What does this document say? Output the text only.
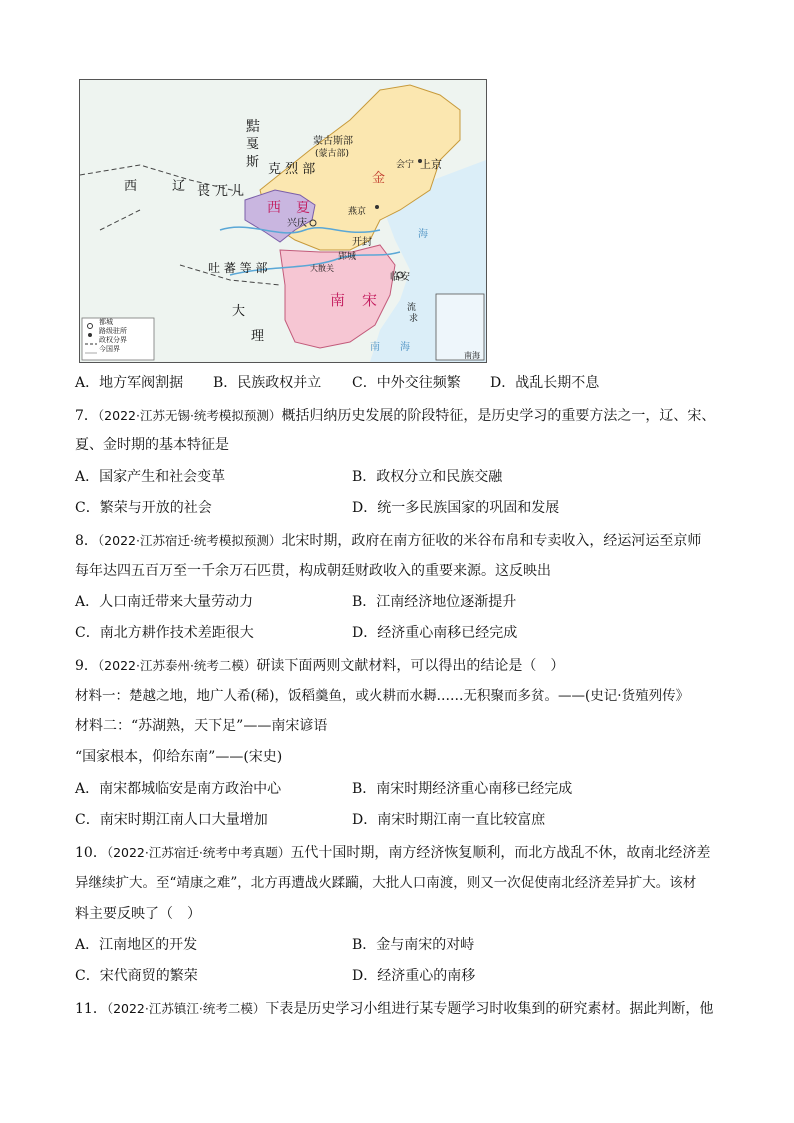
黠
戛
斯
蒙古斯部
(蒙古部)
克 烈 部
西	辽 畏 兀 儿
金
会宁 上京
西 夏
兴庆
燕京
开封
郢城
大散关
吐 蕃 等 部
临安
南 宋
大
理
流
求
海
南 海
南海
都城
路级驻所
政权分界
今国界
A．地方军阀割据 B．民族政权并立 C．中外交往频繁 D．战乱长期不息
7．（2022·江苏无锡·统考模拟预测）概括归纳历史发展的阶段特征，是历史学习的重要方法之一，辽、宋、
夏、金时期的基本特征是
A．国家产生和社会变革	B．政权分立和民族交融
C．繁荣与开放的社会	D．统一多民族国家的巩固和发展
8．（2022·江苏宿迁·统考模拟预测）北宋时期，政府在南方征收的米谷布帛和专卖收入，经运河运至京师
每年达四五百万至一千余万石匹贯，构成朝廷财政收入的重要来源。这反映出
A．人口南迁带来大量劳动力	B．江南经济地位逐渐提升
C．南北方耕作技术差距很大	D．经济重心南移已经完成
9．（2022·江苏泰州·统考二模）研读下面两则文献材料，可以得出的结论是（　）
材料一：楚越之地，地广人希(稀)，饭稻羹鱼，或火耕而水耨……无积聚而多贫。——(史记·货殖列传》
材料二：“苏湖熟，天下足”——南宋谚语
“国家根本，仰给东南”——(宋史)
A．南宋都城临安是南方政治中心	B．南宋时期经济重心南移已经完成
C．南宋时期江南人口大量增加	D．南宋时期江南一直比较富庶
10．（2022·江苏宿迁·统考中考真题）五代十国时期，南方经济恢复顺利，而北方战乱不休，故南北经济差
异继续扩大。至“靖康之难”，北方再遭战火蹂躏，大批人口南渡，则又一次促使南北经济差异扩大。该材
料主要反映了（　）
A．江南地区的开发	B．金与南宋的对峙
C．宋代商贸的繁荣	D．经济重心的南移
11．（2022·江苏镇江·统考二模）下表是历史学习小组进行某专题学习时收集到的研究素材。据此判断，他
